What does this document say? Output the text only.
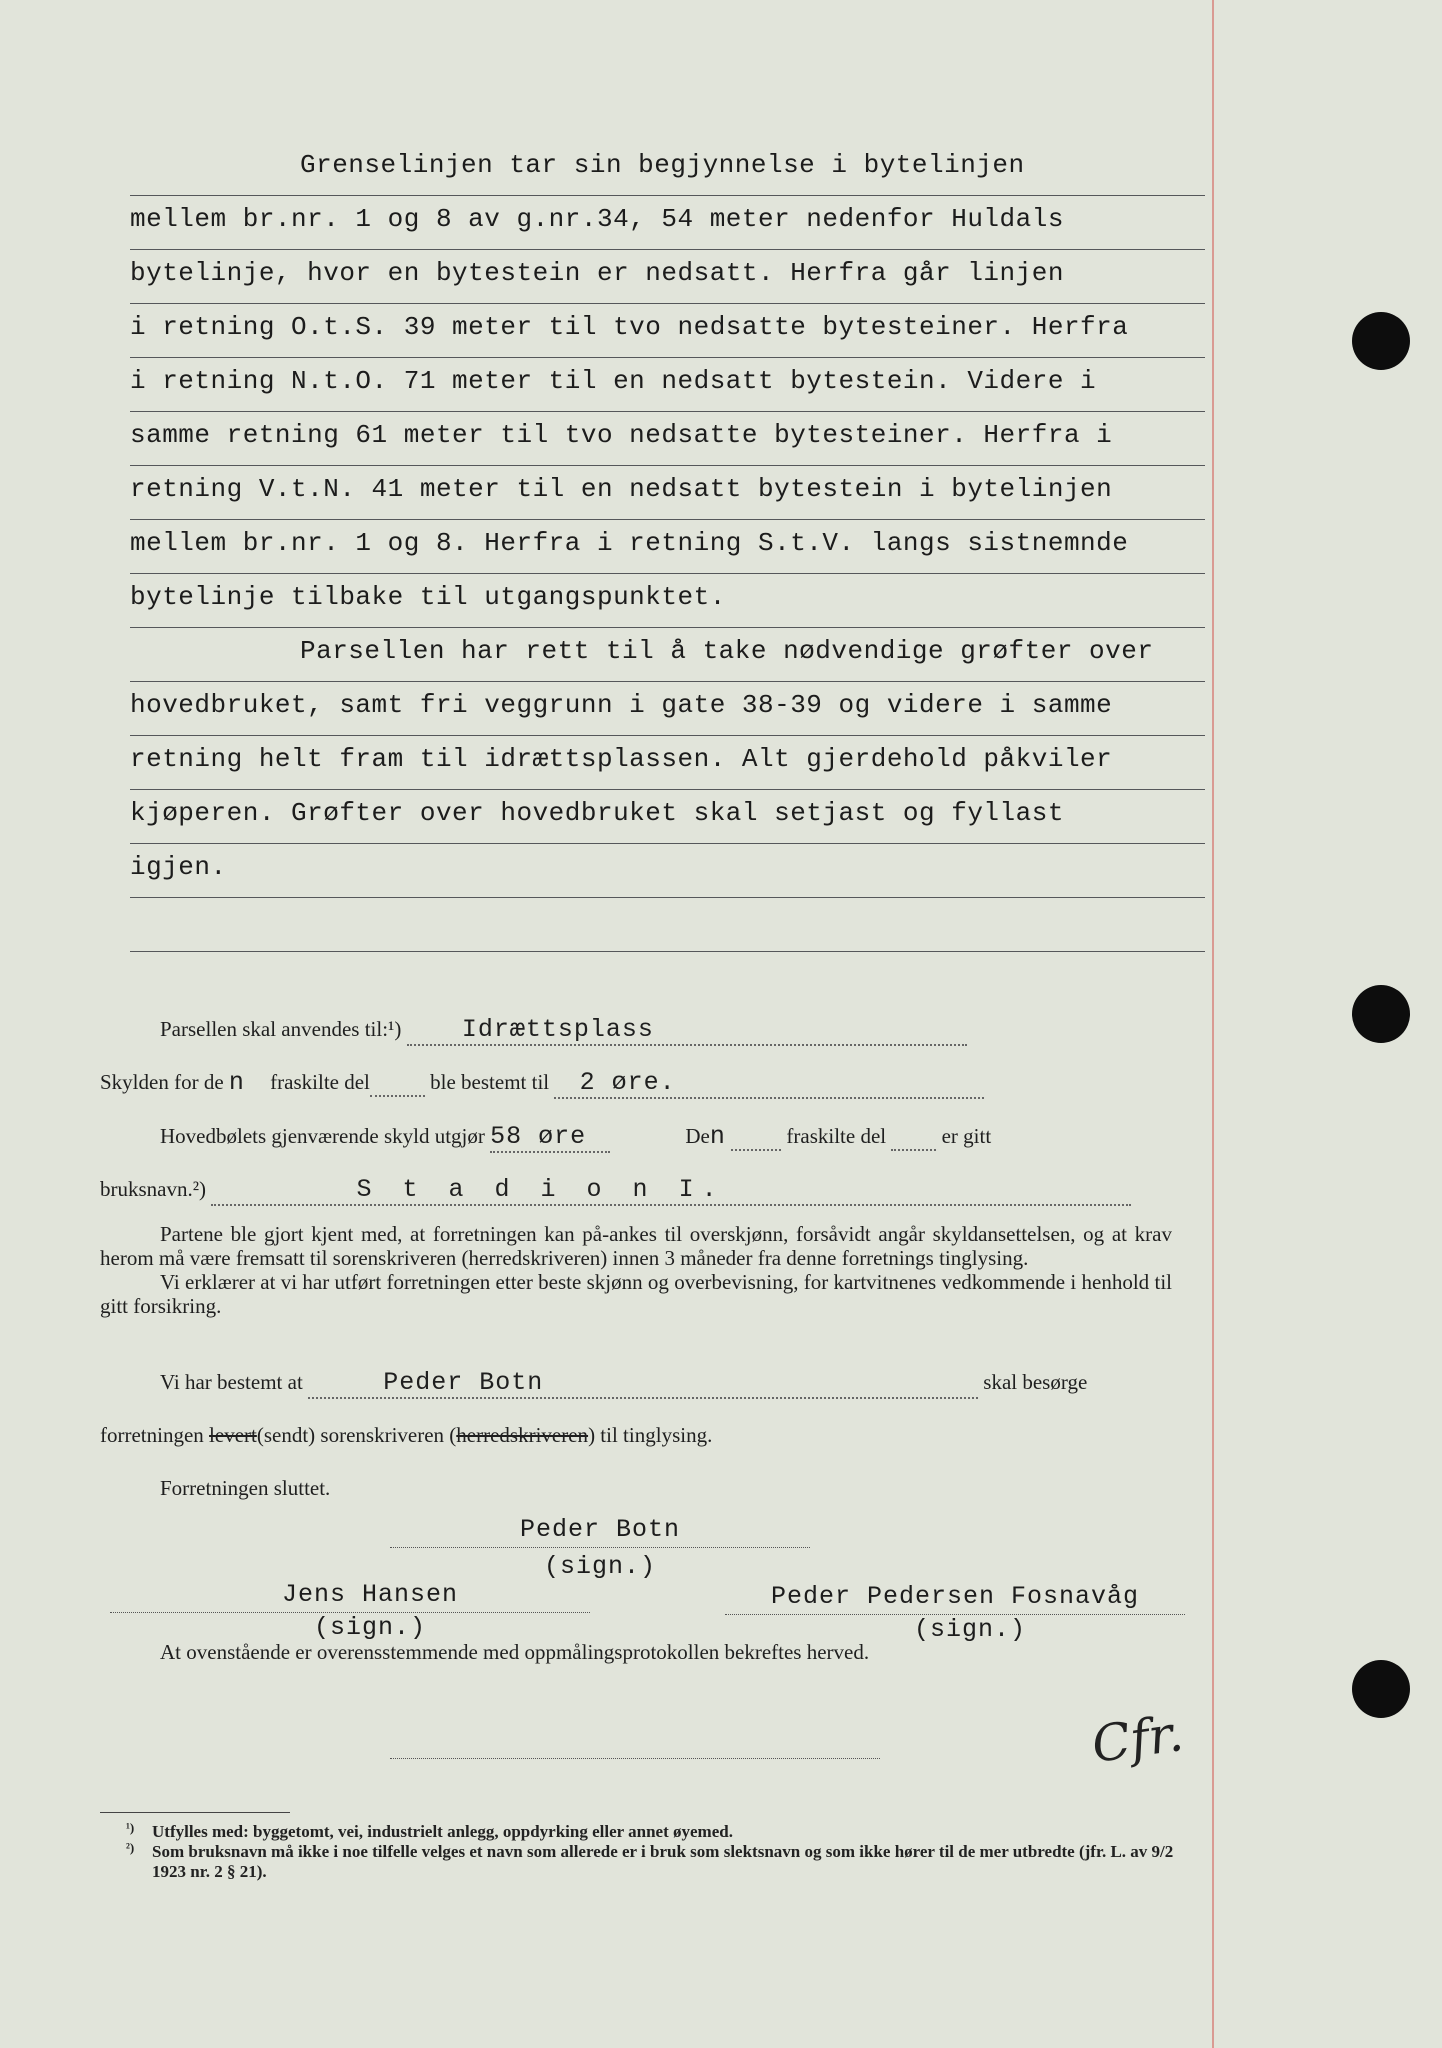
Grenselinjen tar sin begjynnelse i bytelinjen
mellem br.nr. 1 og 8 av g.nr.34, 54 meter nedenfor Huldals
bytelinje, hvor en bytestein er nedsatt. Herfra går linjen
i retning O.t.S. 39 meter til tvo nedsatte bytesteiner. Herfra
i retning N.t.O. 71 meter til en nedsatt bytestein. Videre i
samme retning 61 meter til tvo nedsatte bytesteiner. Herfra i
retning V.t.N. 41 meter til en nedsatt bytestein i bytelinjen
mellem br.nr. 1 og 8. Herfra i retning S.t.V. langs sistnemnde
bytelinje tilbake til utgangspunktet.
Parsellen har rett til å take nødvendige grøfter over
hovedbruket, samt fri veggrunn i gate 38-39 og videre i samme
retning helt fram til idrættsplassen. Alt gjerdehold påkviler
kjøperen. Grøfter over hovedbruket skal setjast og fyllast
igjen.

Parsellen skal anvendes til:¹) Idrættsplass
Skylden for de n fraskilte del	ble bestemt til 2 øre.
Hovedbølets gjenværende skyld utgjør 58 øre	Den	fraskilte del	er gitt
bruksnavn.²)	S t a d i o n I.

Partene ble gjort kjent med, at forretningen kan på-ankes til overskjønn, forsåvidt angår skyldansettelsen, og at krav herom må være fremsatt til sorenskriveren (herredskriveren) innen 3 måneder fra denne forretnings tinglysing.

Vi erklærer at vi har utført forretningen etter beste skjønn og overbevisning, for kartvitnenes vedkommende i henhold til gitt forsikring.

Vi har bestemt at	Peder Botn	skal besørge
forretningen levert(sendt) sorenskriveren (herredskriveren) til tinglysing.
Forretningen sluttet.
Peder Botn
(sign.)
Jens Hansen
(sign.)
Peder Pedersen Fosnavåg
(sign.)
At ovenstående er overensstemmende med oppmålingsprotokollen bekreftes herved.
Cfr.

¹) Utfylles med: byggetomt, vei, industrielt anlegg, oppdyrking eller annet øyemed.

²) Som bruksnavn må ikke i noe tilfelle velges et navn som allerede er i bruk som slektsnavn og som ikke hører til de mer utbredte (jfr. L. av 9/2 1923 nr. 2 § 21).
